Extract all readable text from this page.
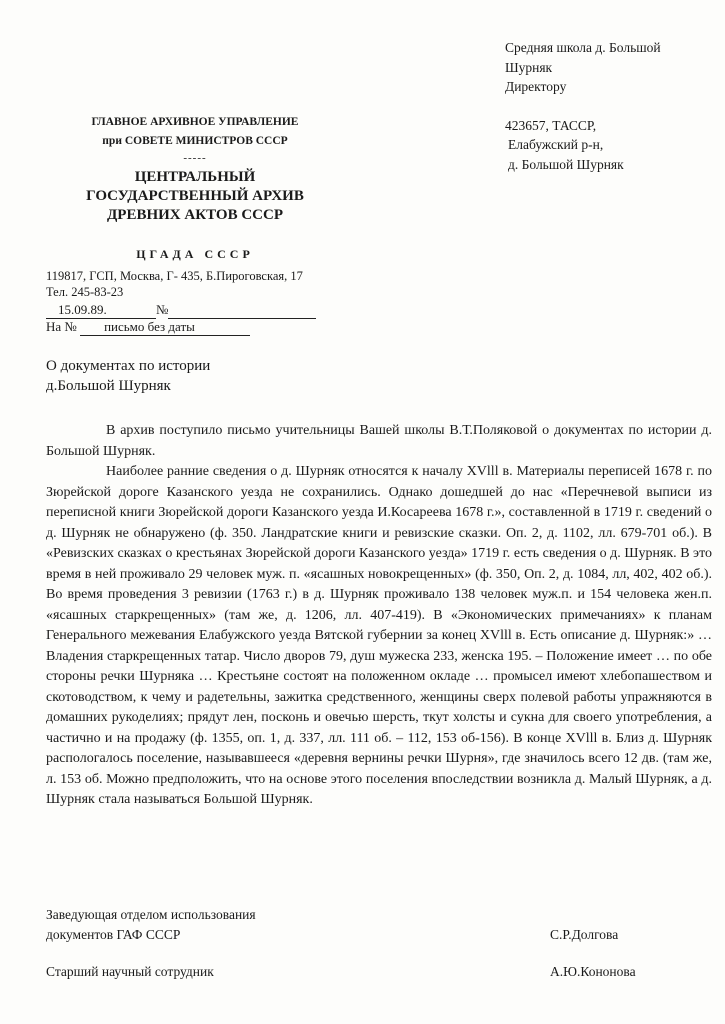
Средняя школа д. Большой
Шурняк
Директору
423657, ТАССР,
Елабужский р-н,
д. Большой Шурняк
ГЛАВНОЕ АРХИВНОЕ УПРАВЛЕНИЕ
при СОВЕТЕ МИНИСТРОВ СССР
-----
ЦЕНТРАЛЬНЫЙ
ГОСУДАРСТВЕННЫЙ АРХИВ
ДРЕВНИХ АКТОВ СССР
ЦГАДА СССР
119817, ГСП, Москва, Г- 435, Б.Пироговская, 17
Тел. 245-83-23
15.09.89.	№
На № письмо без даты
О документах по истории
д.Большой Шурняк

В архив поступило письмо учительницы Вашей школы В.Т.Поляковой о документах по истории д. Большой Шурняк.

Наиболее ранние сведения о д. Шурняк относятся к началу XVlll в. Материалы переписей 1678 г. по Зюрейской дороге Казанского уезда не сохранились. Однако дошедшей до нас «Перечневой выписи из переписной книги Зюрейской дороги Казанского уезда И.Косареева 1678 г.», составленной в 1719 г. сведений о д. Шурняк не обнаружено (ф. 350. Ландратские книги и ревизские сказки. Оп. 2, д. 1102, лл. 679-701 об.). В «Ревизских сказках о крестьянах Зюрейской дороги Казанского уезда» 1719 г. есть сведения о д. Шурняк. В это время в ней проживало 29 человек муж. п. «ясашных новокрещенных» (ф. 350, Оп. 2, д. 1084, лл, 402, 402 об.). Во время проведения 3 ревизии (1763 г.) в д. Шурняк проживало 138 человек муж.п. и 154 человека жен.п. «ясашных старкрещенных» (там же, д. 1206, лл. 407-419). В «Экономических примечаниях» к планам Генерального межевания Елабужского уезда Вятской губернии за конец XVlll в. Есть описание д. Шурняк:» … Владения старкрещенных татар. Число дворов 79, душ мужеска 233, женска 195. – Положение имеет … по обе стороны речки Шурняка … Крестьяне состоят на положенном окладе … промысел имеют хлебопашеством и скотоводством, к чему и радетельны, зажитка средственного, женщины сверх полевой работы упражняются в домашних рукоделиях; прядут лен, посконь и овечью шерсть, ткут холсты и сукна для своего употребления, а частично и на продажу (ф. 1355, оп. 1, д. 337, лл. 111 об. – 112, 153 об-156). В конце XVlll в. Близ д. Шурняк распологалось поселение, называвшееся «деревня вернины речки Шурня», где значилось всего 12 дв. (там же, л. 153 об. Можно предположить, что на основе этого поселения впоследствии возникла д. Малый Шурняк, а д. Шурняк стала называться Большой Шурняк.

Заведующая отделом использования
документов ГАФ СССР	С.Р.Долгова
Старший научный сотрудник	А.Ю.Кононова
